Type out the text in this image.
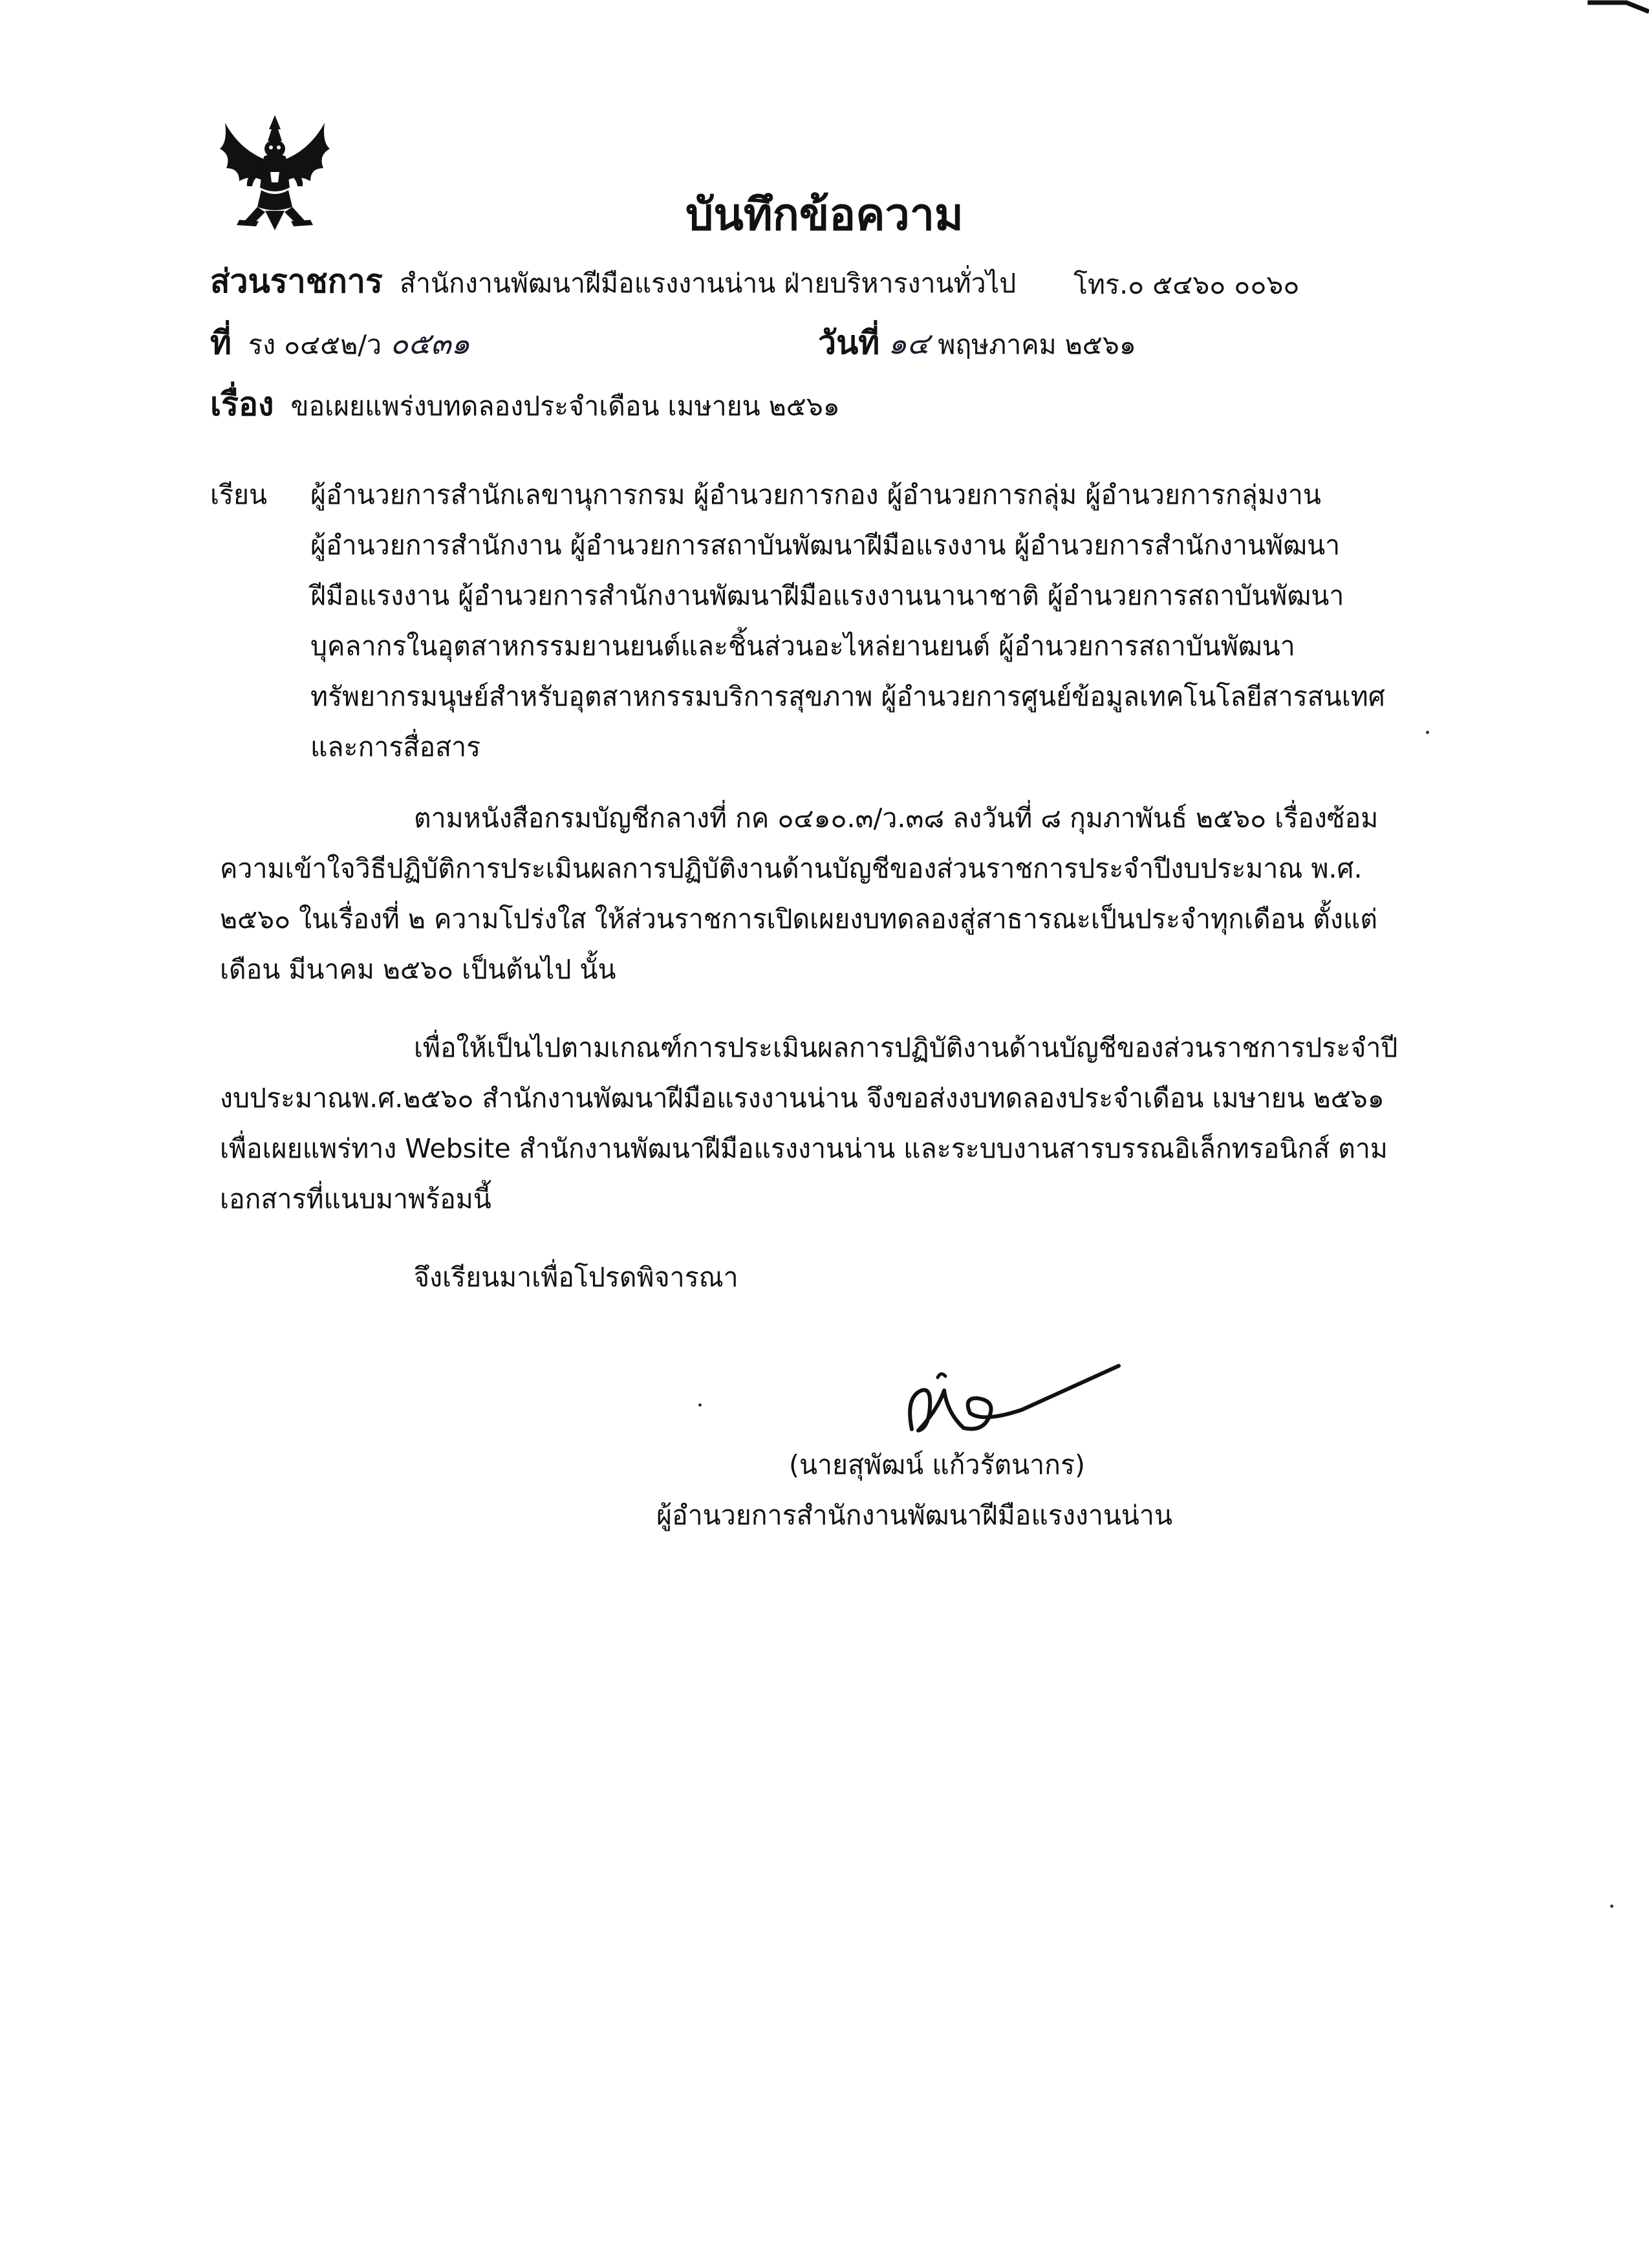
บันทึกข้อความ
ส่วนราชการ สำนักงานพัฒนาฝีมือแรงงานน่าน ฝ่ายบริหารงานทั่วไป โทร.๐ ๕๔๖๐ ๐๐๖๐
ที่ รง ๐๔๕๒/ว ๐๕๓๑	วันที่ ๑๔ พฤษภาคม ๒๕๖๑
เรื่อง ขอเผยแพร่งบทดลองประจำเดือน เมษายน ๒๕๖๑
เรียน ผู้อำนวยการสำนักเลขานุการกรม ผู้อำนวยการกอง ผู้อำนวยการกลุ่ม ผู้อำนวยการกลุ่มงาน
ผู้อำนวยการสำนักงาน ผู้อำนวยการสถาบันพัฒนาฝีมือแรงงาน ผู้อำนวยการสำนักงานพัฒนา
ฝีมือแรงงาน ผู้อำนวยการสำนักงานพัฒนาฝีมือแรงงานนานาชาติ ผู้อำนวยการสถาบันพัฒนา
บุคลากรในอุตสาหกรรมยานยนต์และชิ้นส่วนอะไหล่ยานยนต์ ผู้อำนวยการสถาบันพัฒนา
ทรัพยากรมนุษย์สำหรับอุตสาหกรรมบริการสุขภาพ ผู้อำนวยการศูนย์ข้อมูลเทคโนโลยีสารสนเทศ
และการสื่อสาร
ตามหนังสือกรมบัญชีกลางที่ กค ๐๔๑๐.๓/ว.๓๘ ลงวันที่ ๘ กุมภาพันธ์ ๒๕๖๐ เรื่องซ้อม
ความเข้าใจวิธีปฏิบัติการประเมินผลการปฏิบัติงานด้านบัญชีของส่วนราชการประจำปีงบประมาณ พ.ศ.
๒๕๖๐ ในเรื่องที่ ๒ ความโปร่งใส ให้ส่วนราชการเปิดเผยงบทดลองสู่สาธารณะเป็นประจำทุกเดือน ตั้งแต่
เดือน มีนาคม ๒๕๖๐ เป็นต้นไป นั้น
เพื่อให้เป็นไปตามเกณฑ์การประเมินผลการปฏิบัติงานด้านบัญชีของส่วนราชการประจำปี
งบประมาณพ.ศ.๒๕๖๐ สำนักงานพัฒนาฝีมือแรงงานน่าน จึงขอส่งงบทดลองประจำเดือน เมษายน ๒๕๖๑
เพื่อเผยแพร่ทาง Website สำนักงานพัฒนาฝีมือแรงงานน่าน และระบบงานสารบรรณอิเล็กทรอนิกส์ ตาม
เอกสารที่แนบมาพร้อมนี้
จึงเรียนมาเพื่อโปรดพิจารณา
(นายสุพัฒน์ แก้วรัตนากร)
ผู้อำนวยการสำนักงานพัฒนาฝีมือแรงงานน่าน
